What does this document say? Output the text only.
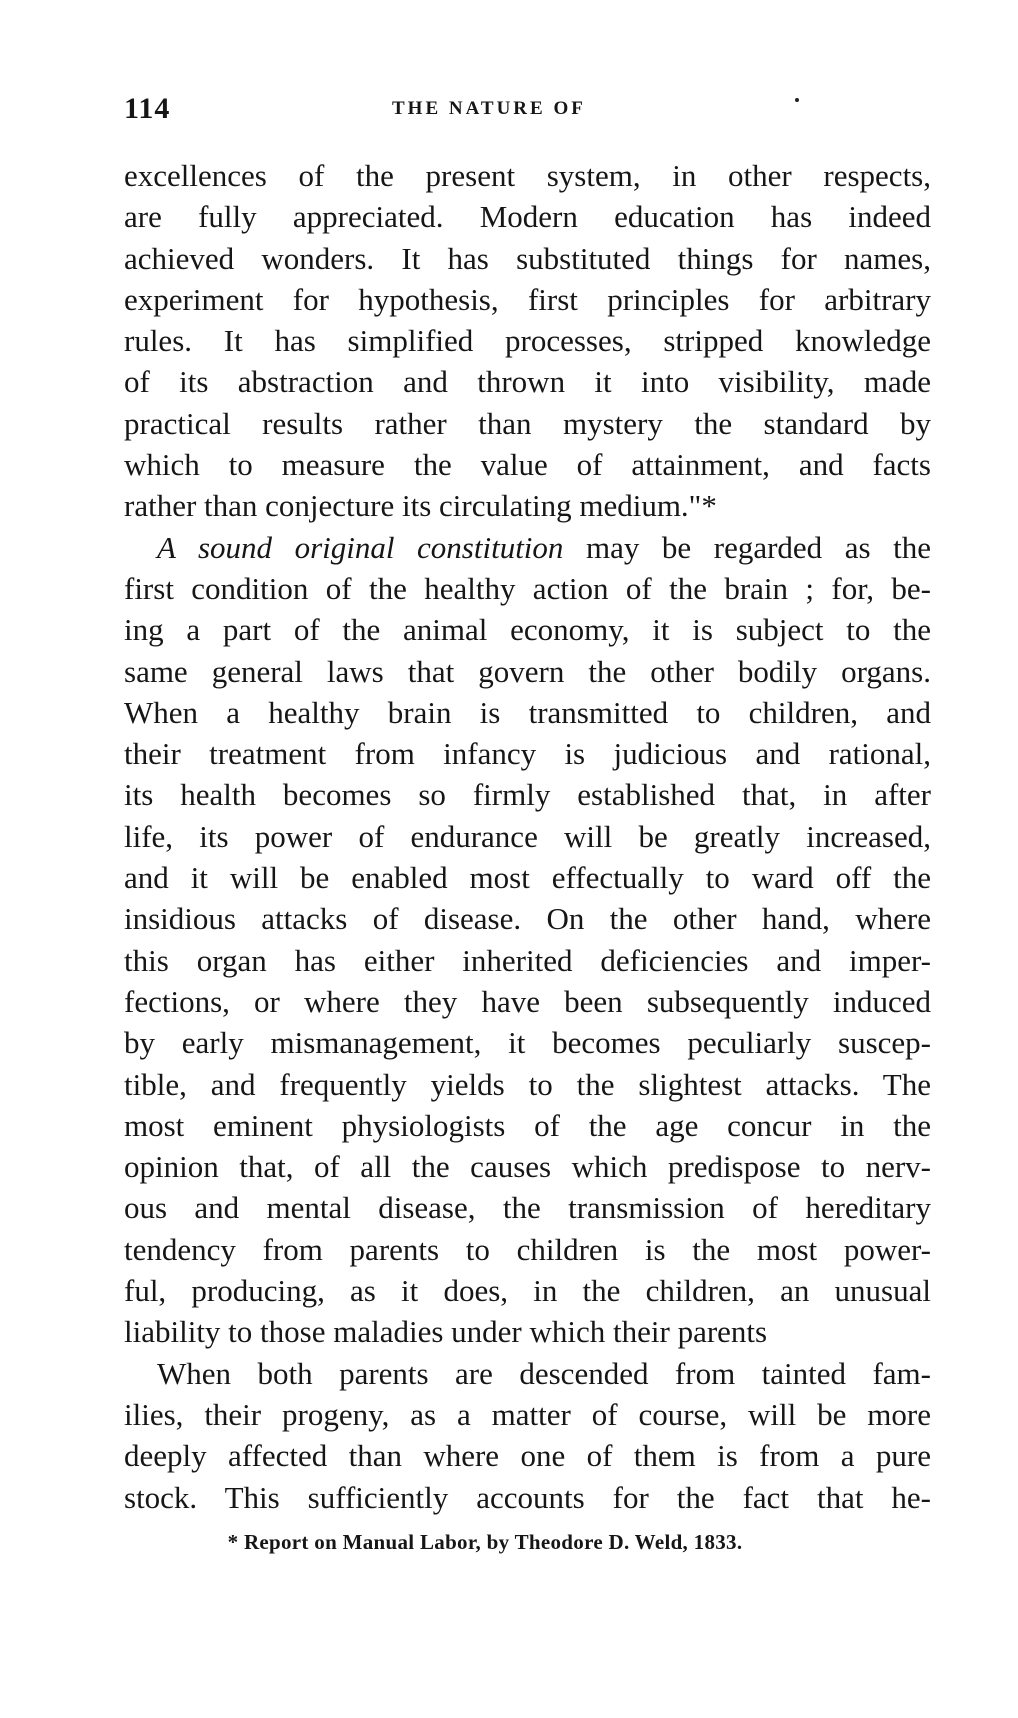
114	THE NATURE OF
excellences of the present system, in other respects,
are fully appreciated. Modern education has indeed
achieved wonders. It has substituted things for names,
experiment for hypothesis, first principles for arbitrary
rules. It has simplified processes, stripped knowledge
of its abstraction and thrown it into visibility, made
practical results rather than mystery the standard by
which to measure the value of attainment, and facts
rather than conjecture its circulating medium."*
A sound original constitution may be regarded as the
first condition of the healthy action of the brain ; for, be-
ing a part of the animal economy, it is subject to the
same general laws that govern the other bodily organs.
When a healthy brain is transmitted to children, and
their treatment from infancy is judicious and rational,
its health becomes so firmly established that, in after
life, its power of endurance will be greatly increased,
and it will be enabled most effectually to ward off the
insidious attacks of disease. On the other hand, where
this organ has either inherited deficiencies and imper-
fections, or where they have been subsequently induced
by early mismanagement, it becomes peculiarly suscep-
tible, and frequently yields to the slightest attacks. The
most eminent physiologists of the age concur in the
opinion that, of all the causes which predispose to nerv-
ous and mental disease, the transmission of hereditary
tendency from parents to children is the most power-
ful, producing, as it does, in the children, an unusual
liability to those maladies under which their parents
When both parents are descended from tainted fam-
ilies, their progeny, as a matter of course, will be more
deeply affected than where one of them is from a pure
stock. This sufficiently accounts for the fact that he-
* Report on Manual Labor, by Theodore D. Weld, 1833.
